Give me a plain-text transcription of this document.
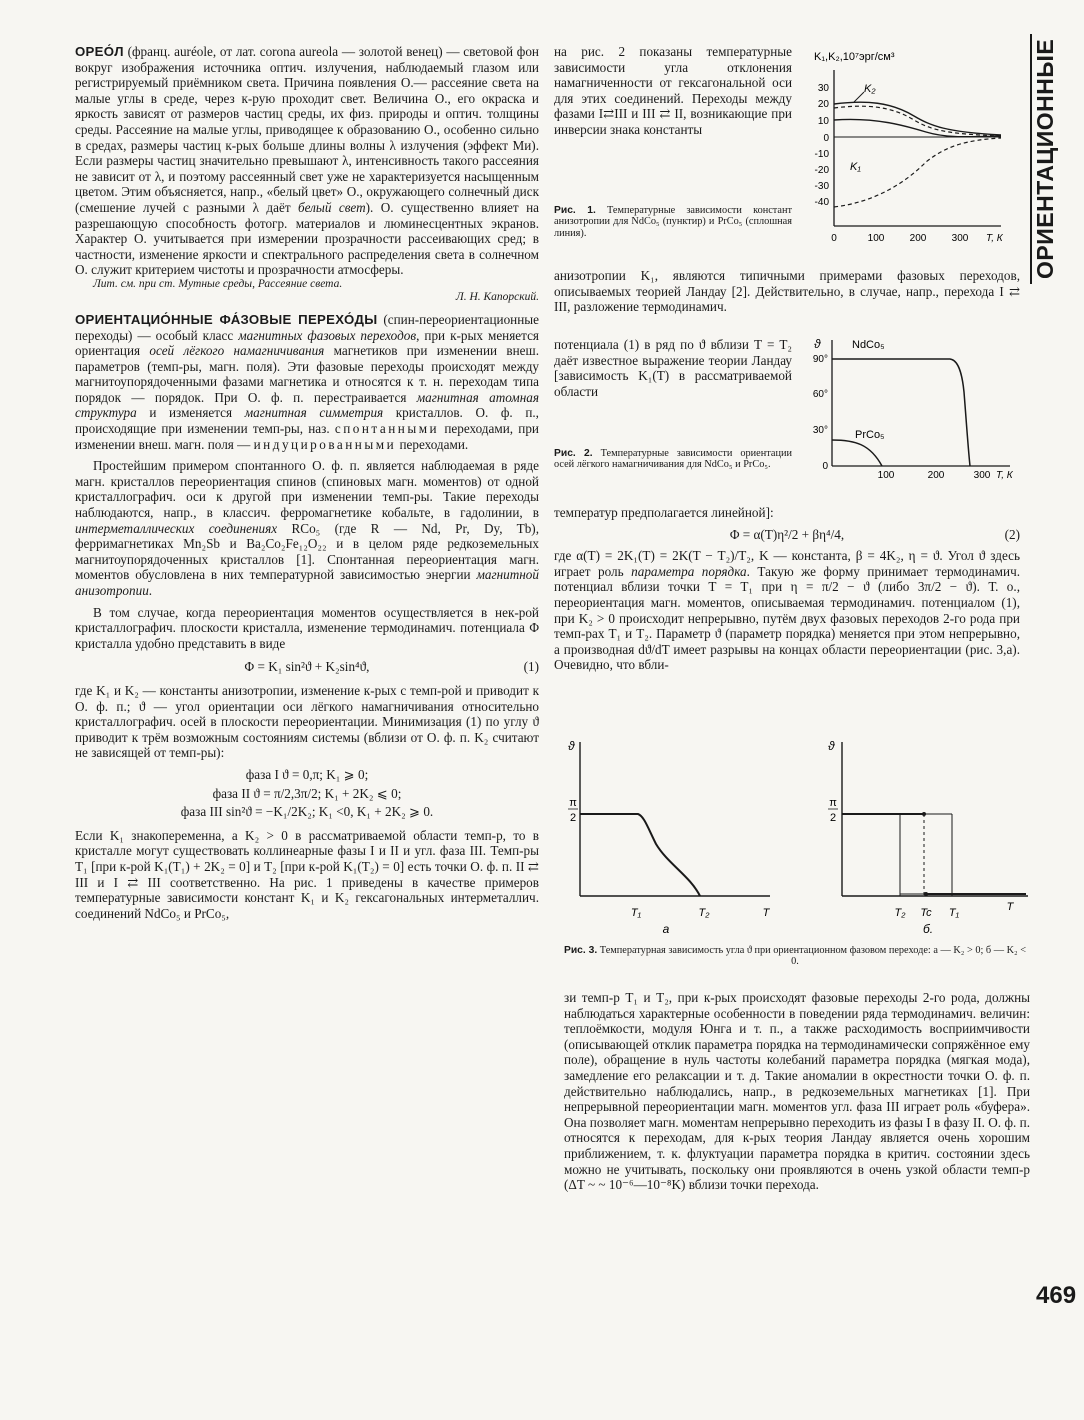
ОРИЕНТАЦИОННЫЕ

ОРЕО́Л (франц. auréole, от лат. corona aureola — золотой венец) — световой фон вокруг изображения источника оптич. излучения, наблюдаемый глазом или регистрируемый приёмником света. Причина появления О.— рассеяние света на малые углы в среде, через к-рую проходит свет. Величина О., его окраска и яркость зависят от размеров частиц среды, их физ. природы и оптич. толщины среды. Рассеяние на малые углы, приводящее к образованию О., особенно сильно в средах, размеры частиц к-рых больше длины волны λ излучения (эффект Ми). Если размеры частиц значительно превышают λ, интенсивность такого рассеяния не зависит от λ, и поэтому рассеянный свет уже не характеризуется насыщенным цветом. Этим объясняется, напр., «белый цвет» О., окружающего солнечный диск (смешение лучей с разными λ даёт белый свет). О. существенно влияет на разрешающую способность фотогр. материалов и люминесцентных экранов. Характер О. учитывается при измерении прозрачности рассеивающих сред; в частности, изменение яркости и спектрального распределения света в солнечном О. служит критерием чистоты и прозрачности атмосферы.

Лит. см. при ст. Мутные среды, Рассеяние света.

Л. Н. Капорский.

ОРИЕНТАЦИО́ННЫЕ ФА́ЗОВЫЕ ПЕРЕХО́ДЫ (спин-переориентационные переходы) — особый класс магнитных фазовых переходов, при к-рых меняется ориентация осей лёгкого намагничивания магнетиков при изменении внеш. параметров (темп-ры, магн. поля). Эти фазовые переходы происходят между магнитоупорядоченными фазами магнетика и относятся к т. н. переходам типа порядок — порядок. При О. ф. п. перестраивается магнитная атомная структура и изменяется магнитная симметрия кристаллов. О. ф. п., происходящие при изменении темп-ры, наз. спонтанными переходами, при изменении внеш. магн. поля — индуцированными переходами.

Простейшим примером спонтанного О. ф. п. является наблюдаемая в ряде магн. кристаллов переориентация спинов (спиновых магн. моментов) от одной кристаллографич. оси к другой при изменении темп-ры. Такие переходы наблюдаются, напр., в классич. ферромагнетике кобальте, в гадолинии, в интерметаллических соединениях RCo₅ (где R — Nd, Pr, Dy, Tb), ферримагнетиках Mn₂Sb и Ba₂Co₂Fe₁₂O₂₂ и в целом ряде редкоземельных магнитоупорядоченных кристаллов [1]. Спонтанная переориентация магн. моментов обусловлена в них температурной зависимостью энергии магнитной анизотропии.

В том случае, когда переориентация моментов осуществляется в нек-рой кристаллографич. плоскости кристалла, изменение термодинамич. потенциала Φ кристалла удобно представить в виде

Φ = K₁ sin²ϑ + K₂sin⁴ϑ,	(1)

где K₁ и K₂ — константы анизотропии, изменение к-рых с темп-рой и приводит к О. ф. п.; ϑ — угол ориентации оси лёгкого намагничивания относительно кристаллографич. осей в плоскости переориентации. Минимизация (1) по углу ϑ приводит к трём возможным состояниям системы (вблизи от О. ф. п. K₂ считают не зависящей от темп-ры):

фаза I ϑ = 0,π; K₁ ⩾ 0;
фаза II ϑ = π/2,3π/2; K₁ + 2K₂ ⩽ 0;
фаза III sin²ϑ = −K₁/2K₂; K₁ <0, K₁ + 2K₂ ⩾ 0.

Если K₁ знакопеременна, а K₂ > 0 в рассматриваемой области темп-р, то в кристалле могут существовать коллинеарные фазы I и II и угл. фаза III. Темп-ры T₁ [при к-рой K₁(T₁) + 2K₂ = 0] и T₂ [при к-рой K₁(T₂) = 0] есть точки О. ф. п. II ⇄ III и I ⇄ III соответственно. На рис. 1 приведены в качестве примеров температурные зависимости констант K₁ и K₂ гексагональных интерметаллич. соединений NdCo₅ и PrCo₅,

на рис. 2 показаны температурные зависимости угла отклонения намагниченности от гексагональной оси для этих соединений. Переходы между фазами I⇄III и III ⇄ II, возникающие при инверсии знака константы

Рис. 1. Температурные зависимости констант анизотропии для NdCo₅ (пунктир) и PrCo₅ (сплошная линия).

анизотропии K₁, являются типичными примерами фазовых переходов, описываемых теорией Ландау [2]. Действительно, в случае, напр., перехода I ⇄ III, разложение термодинамич.

потенциала (1) в ряд по ϑ вблизи T = T₂ даёт известное выражение теории Ландау [зависимость K₁(T) в рассматриваемой области

Рис. 2. Температурные зависимости ориентации осей лёгкого намагничивания для NdCo₅ и PrCo₅.

температур предполагается линейной]:

Φ = α(T)η²/2 + βη⁴/4,	(2)

где α(T) = 2K₁(T) = 2K(T − T₂)/T₂, K — константа, β = 4K₂, η = ϑ. Угол ϑ здесь играет роль параметра порядка. Такую же форму принимает термодинамич. потенциал вблизи точки T = T₁ при η = π/2 − ϑ (либо 3π/2 − ϑ). Т. о., переориентация магн. моментов, описываемая термодинамич. потенциалом (1), при K₂ > 0 происходит непрерывно, путём двух фазовых переходов 2-го рода при темп-рах T₁ и T₂. Параметр ϑ (параметр порядка) меняется при этом непрерывно, а производная dϑ/dT имеет разрывы на концах области переориентации (рис. 3,а). Очевидно, что вбли-

Рис. 3. Температурная зависимость угла ϑ при ориентационном фазовом переходе: а — K₂ > 0; б — K₂ < 0.

зи темп-р T₁ и T₂, при к-рых происходят фазовые переходы 2-го рода, должны наблюдаться характерные особенности в поведении ряда термодинамич. величин: теплоёмкости, модуля Юнга и т. п., а также расходимость восприимчивости (описывающей отклик параметра порядка на термодинамически сопряжённое ему поле), обращение в нуль частоты колебаний параметра порядка (мягкая мода), замедление его релаксации и т. д. Такие аномалии в окрестности точки О. ф. п. действительно наблюдались, напр., в редкоземельных магнетиках [1]. При непрерывной переориентации магн. моментов угл. фаза III играет роль «буфера». Она позволяет магн. моментам непрерывно переходить из фазы I в фазу II. О. ф. п. относятся к переходам, для к-рых теория Ландау является очень хорошим приближением, т. к. флуктуации параметра порядка в критич. состоянии здесь можно не учитывать, поскольку они проявляются в очень узкой области темп-р (ΔT ~ ~ 10⁻⁶—10⁻⁸K) вблизи точки перехода.

469
K₁,K₂,10⁷эрг/см³
30
20
10
0
-10
-20
-30
-40
0	100	200	300 T, К
K₂
K₁
ϑ
90°
60°
30°
0
100	200	300 T, К
NdCo₅
PrCo₅
ϑ
π
2
T₁	T₂	T
а
ϑ
π
2
T₂ Tc T₁	T
б.
